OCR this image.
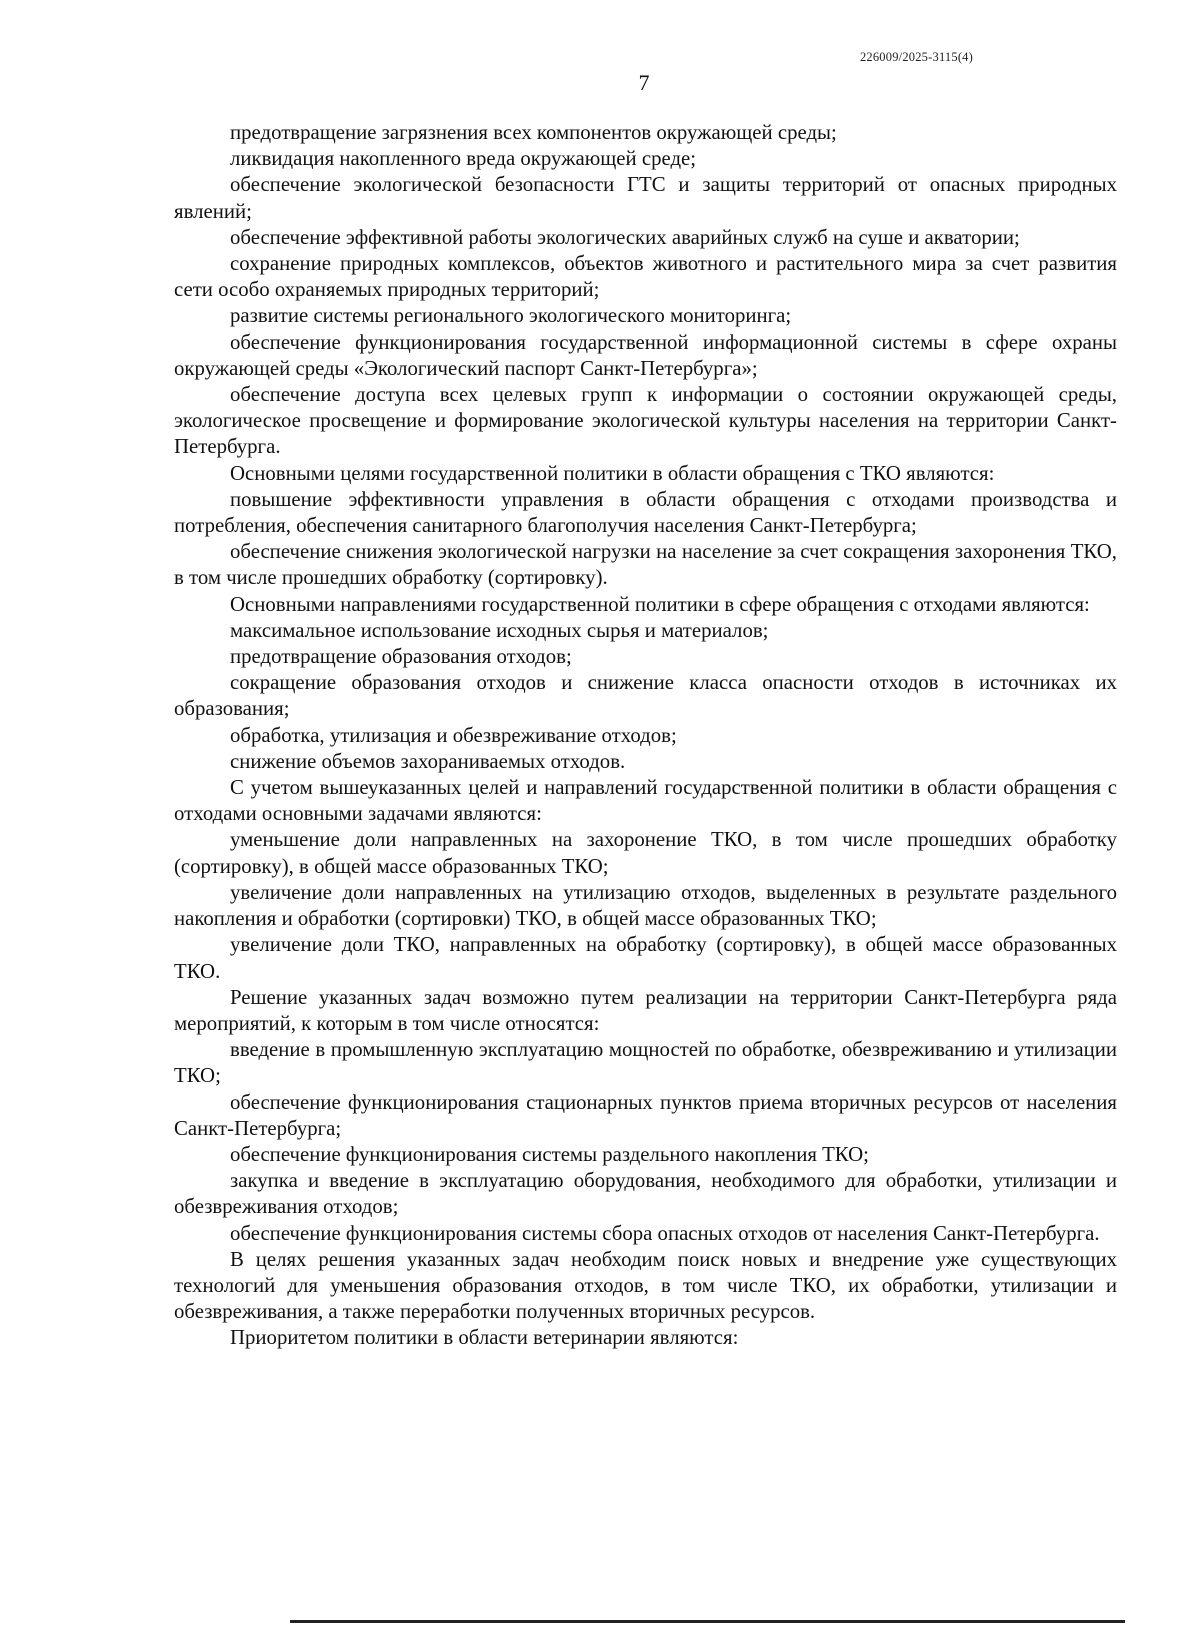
226009/2025-3115(4)
7

предотвращение загрязнения всех компонентов окружающей среды;

ликвидация накопленного вреда окружающей среде;

обеспечение экологической безопасности ГТС и защиты территорий от опасных природных явлений;

обеспечение эффективной работы экологических аварийных служб на суше и акватории;

сохранение природных комплексов, объектов животного и растительного мира за счет развития сети особо охраняемых природных территорий;

развитие системы регионального экологического мониторинга;

обеспечение функционирования государственной информационной системы в сфере охраны окружающей среды «Экологический паспорт Санкт-Петербурга»;

обеспечение доступа всех целевых групп к информации о состоянии окружающей среды, экологическое просвещение и формирование экологической культуры населения на территории Санкт-Петербурга.

Основными целями государственной политики в области обращения с ТКО являются:

повышение эффективности управления в области обращения с отходами производства и потребления, обеспечения санитарного благополучия населения Санкт-Петербурга;

обеспечение снижения экологической нагрузки на население за счет сокращения захоронения ТКО, в том числе прошедших обработку (сортировку).

Основными направлениями государственной политики в сфере обращения с отходами являются:

максимальное использование исходных сырья и материалов;

предотвращение образования отходов;

сокращение образования отходов и снижение класса опасности отходов в источниках их образования;

обработка, утилизация и обезвреживание отходов;

снижение объемов захораниваемых отходов.

С учетом вышеуказанных целей и направлений государственной политики в области обращения с отходами основными задачами являются:

уменьшение доли направленных на захоронение ТКО, в том числе прошедших обработку (сортировку), в общей массе образованных ТКО;

увеличение доли направленных на утилизацию отходов, выделенных в результате раздельного накопления и обработки (сортировки) ТКО, в общей массе образованных ТКО;

увеличение доли ТКО, направленных на обработку (сортировку), в общей массе образованных ТКО.

Решение указанных задач возможно путем реализации на территории Санкт-Петербурга ряда мероприятий, к которым в том числе относятся:

введение в промышленную эксплуатацию мощностей по обработке, обезвреживанию и утилизации ТКО;

обеспечение функционирования стационарных пунктов приема вторичных ресурсов от населения Санкт-Петербурга;

обеспечение функционирования системы раздельного накопления ТКО;

закупка и введение в эксплуатацию оборудования, необходимого для обработки, утилизации и обезвреживания отходов;

обеспечение функционирования системы сбора опасных отходов от населения Санкт-Петербурга.

В целях решения указанных задач необходим поиск новых и внедрение уже существующих технологий для уменьшения образования отходов, в том числе ТКО, их обработки, утилизации и обезвреживания, а также переработки полученных вторичных ресурсов.

Приоритетом политики в области ветеринарии являются:
